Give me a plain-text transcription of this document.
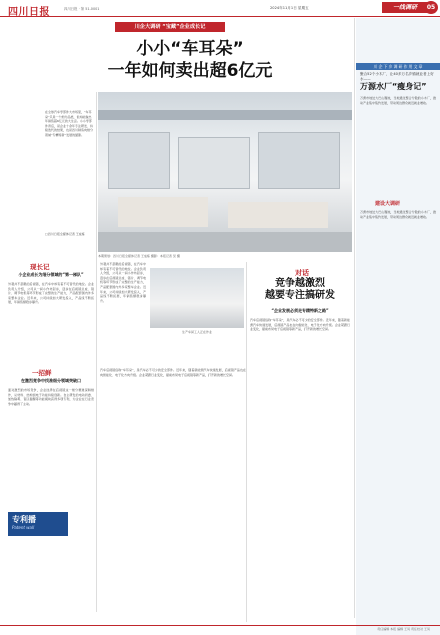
四川日报	四川日报 · 第 51-0001	2024年11月1日 星期五	一线调研	05
川企大调研 “宝藏”企业成长记
小小“车耳朵”
一年如何卖出超6亿元
在全球汽车零部件大市场里，“车耳朵”只是一个细分品类，但却能做出年销售超6亿元的大生意。小小零部件背后，是企业十余年专注研发、持续迭代的结果，也是四川制造向细分领域“专精特新”发展的缩影。
□四川日报全媒体记者 王成栋
本期策划：四川日报全媒体记者 王成栋 摄影：本报记者 吴 摄
现长记
小企业成长为细分领域的“第一梯队”
外观并不起眼的后视镜，在汽车中却有着不可替代的地位。企业负责人介绍，公司从一间小作坊起步，逐步在后视镜总成、镜片、调节电机等环节形成了完整的生产能力，产品配套国内外多家整车企业。近年来，公司持续加大研发投入，产品线不断拓展，年销售额稳步攀升。
外观并不起眼的后视镜，在汽车中却有着不可替代的地位。企业负责人介绍，公司从一间小作坊起步，逐步在后视镜总成、镜片、调节电机等环节形成了完整的生产能力，产品配套国内外多家整车企业。近年来，公司持续加大研发投入，产品线不断拓展，年销售额稳步攀升。
一招鲜
在激烈竞争中找准细分领域突破口
面对激烈的市场竞争，企业选择在后视镜这一细分赛道深耕细作，从材料、结构到电子功能持续创新。自主研发的电动折叠、加热除雾、盲区提醒等功能模块获得多项专利，为企业在行业竞争中赢得了主动。
汽车后视镜俗称“车耳朵”，是汽车必不可少的安全部件。近年来，随着新能源汽车快速发展，后视镜产品也在向智能化、电子化方向升级。企业紧跟行业变化，提前布局电子后视镜等新产品，打开新的增长空间。
生产车间工人正在作业
对话
竞争越激烈
越要专注搞研发
“企业发展必须走专精特新之路”
汽车后视镜俗称“车耳朵”，是汽车必不可少的安全部件。近年来，随着新能源汽车快速发展，后视镜产品也在向智能化、电子化方向升级。企业紧跟行业变化，提前布局电子后视镜等新产品，打开新的增长空间。
川 企 下 乡 调 研 作 用 文 章
聚合52个小木厂，让40多万名乡镇就业者上好水——
万源水厂“瘦身记”
万源市地处大巴山腹地，当地通过整合分散的小木厂，推动产业集中集约发展，带动周边群众就近就业增收。
建设大调研
万源市地处大巴山腹地，当地通过整合分散的小木厂，推动产业集中集约发展，带动周边群众就近就业增收。
专利播
Patent wall
责任编辑 本报 编辑 王凤 责任校对 王凤
